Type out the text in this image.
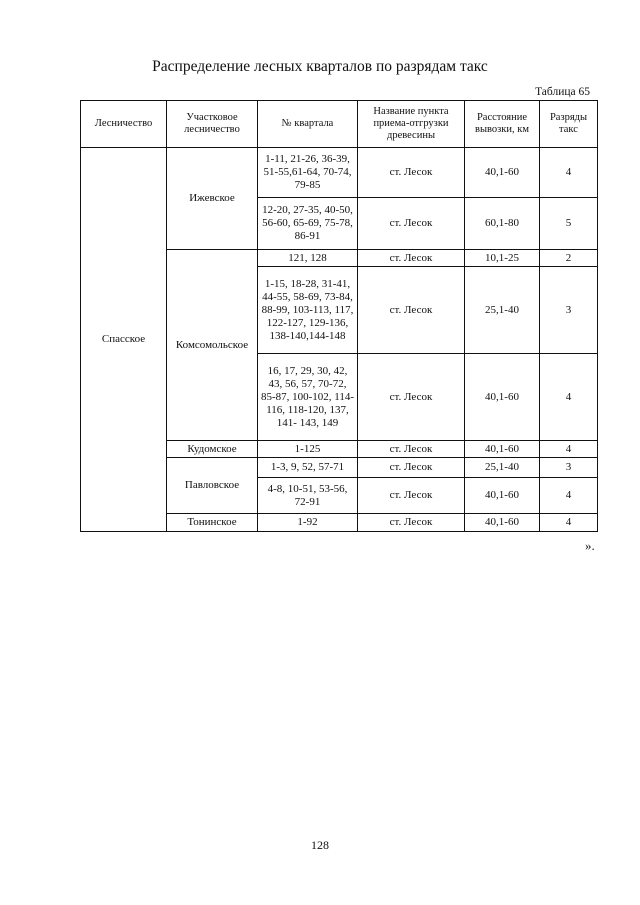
Распределение лесных кварталов по разрядам такс
Таблица 65
Лесничество	Участковое лесничество	№ квартала	Название пункта приема-отгрузки древесины	Расстояние вывозки, км	Разряды такс
Спасское	Ижевское	1-11, 21-26, 36-39, 51-55,61-64, 70-74, 79-85	ст. Лесок	40,1-60	4
		12-20, 27-35, 40-50, 56-60, 65-69, 75-78, 86-91	ст. Лесок	60,1-80	5
	Комсомольское	121, 128	ст. Лесок	10,1-25	2
		1-15, 18-28, 31-41, 44-55, 58-69, 73-84, 88-99, 103-113, 117, 122-127, 129-136, 138-140,144-148	ст. Лесок	25,1-40	3
		16, 17, 29, 30, 42, 43, 56, 57, 70-72, 85-87, 100-102, 114-116, 118-120, 137, 141- 143, 149	ст. Лесок	40,1-60	4
	Кудомское	1-125	ст. Лесок	40,1-60	4
	Павловское	1-3, 9, 52, 57-71	ст. Лесок	25,1-40	3
		4-8, 10-51, 53-56, 72-91	ст. Лесок	40,1-60	4
	Тонинское	1-92	ст. Лесок	40,1-60	4
».
128
